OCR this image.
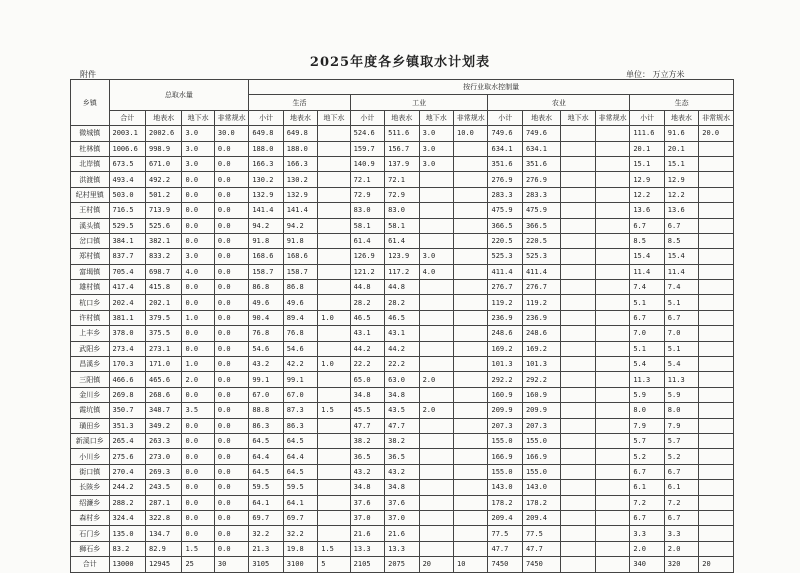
2025年度各乡镇取水计划表
附件	单位： 万立方米
乡镇	总取水量				按行业取水控制量													
					生活			工业				农业				生态		
	合计	地表水	地下水	非常规水	小计	地表水	地下水	小计	地表水	地下水	非常规水	小计	地表水	地下水	非常规水	小计	地表水	非常规水
微城镇	2003.1	2002.6	3.0	30.0	649.8	649.8		524.6	511.6	3.0	10.0	749.6	749.6			111.6	91.6	20.0
杜林镇	1006.6	998.9	3.0	0.0	188.0	188.0		159.7	156.7	3.0		634.1	634.1			20.1	20.1	
北岸镇	673.5	671.0	3.0	0.0	166.3	166.3		140.9	137.9	3.0		351.6	351.6			15.1	15.1	
洪渡镇	493.4	492.2	0.0	0.0	130.2	130.2		72.1	72.1			276.9	276.9			12.9	12.9	
纪村里镇	503.0	501.2	0.0	0.0	132.9	132.9		72.9	72.9			283.3	283.3			12.2	12.2	
王村镇	716.5	713.9	0.0	0.0	141.4	141.4		83.0	83.0			475.9	475.9			13.6	13.6	
溪头镇	529.5	525.6	0.0	0.0	94.2	94.2		58.1	58.1			366.5	366.5			6.7	6.7	
岔口镇	384.1	382.1	0.0	0.0	91.8	91.8		61.4	61.4			220.5	220.5			8.5	8.5	
郑村镇	837.7	833.2	3.0	0.0	168.6	168.6		126.9	123.9	3.0		525.3	525.3			15.4	15.4	
富堨镇	705.4	698.7	4.0	0.0	158.7	158.7		121.2	117.2	4.0		411.4	411.4			11.4	11.4	
雄村镇	417.4	415.8	0.0	0.0	86.8	86.8		44.8	44.8			276.7	276.7			7.4	7.4	
杭口乡	202.4	202.1	0.0	0.0	49.6	49.6		28.2	28.2			119.2	119.2			5.1	5.1	
许村镇	381.1	379.5	1.0	0.0	90.4	89.4	1.0	46.5	46.5			236.9	236.9			6.7	6.7	
上丰乡	378.0	375.5	0.0	0.0	76.8	76.8		43.1	43.1			248.6	248.6			7.0	7.0	
武阳乡	273.4	273.1	0.0	0.0	54.6	54.6		44.2	44.2			169.2	169.2			5.1	5.1	
昌溪乡	170.3	171.0	1.0	0.0	43.2	42.2	1.0	22.2	22.2			101.3	101.3			5.4	5.4	
三阳镇	466.6	465.6	2.0	0.0	99.1	99.1		65.0	63.0	2.0		292.2	292.2			11.3	11.3	
金川乡	269.8	268.6	0.0	0.0	67.0	67.0		34.8	34.8			160.9	160.9			5.9	5.9	
霞坑镇	350.7	348.7	3.5	0.0	88.8	87.3	1.5	45.5	43.5	2.0		209.9	209.9			8.0	8.0	
璜田乡	351.3	349.2	0.0	0.0	86.3	86.3		47.7	47.7			207.3	207.3			7.9	7.9	
新溪口乡	265.4	263.3	0.0	0.0	64.5	64.5		38.2	38.2			155.0	155.0			5.7	5.7	
小川乡	275.6	273.0	0.0	0.0	64.4	64.4		36.5	36.5			166.9	166.9			5.2	5.2	
街口镇	270.4	269.3	0.0	0.0	64.5	64.5		43.2	43.2			155.0	155.0			6.7	6.7	
长陔乡	244.2	243.5	0.0	0.0	59.5	59.5		34.8	34.8			143.0	143.0			6.1	6.1	
绍濂乡	288.2	287.1	0.0	0.0	64.1	64.1		37.6	37.6			178.2	178.2			7.2	7.2	
森村乡	324.4	322.8	0.0	0.0	69.7	69.7		37.0	37.0			209.4	209.4			6.7	6.7	
石门乡	135.0	134.7	0.0	0.0	32.2	32.2		21.6	21.6			77.5	77.5			3.3	3.3	
狮石乡	83.2	82.9	1.5	0.0	21.3	19.8	1.5	13.3	13.3			47.7	47.7			2.0	2.0	
合计	13000	12945	25	30	3105	3100	5	2105	2075	20	10	7450	7450			340	320	20
